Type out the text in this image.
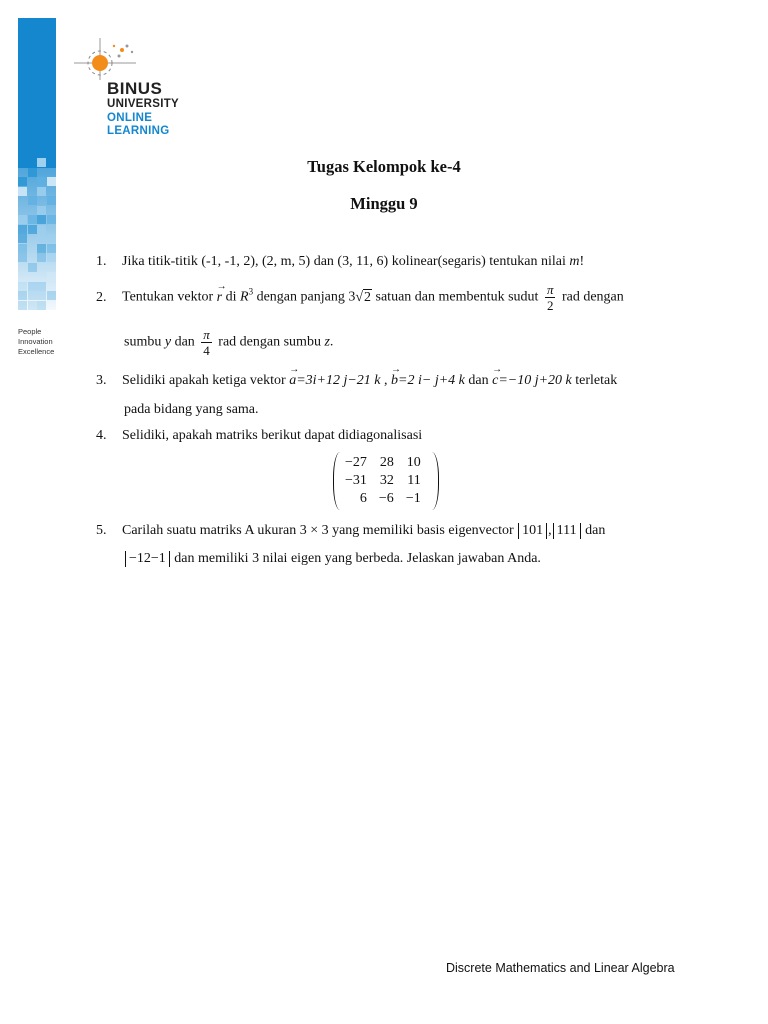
BINUS
UNIVERSITY
ONLINE
LEARNING
People
Innovation
Excellence
Tugas Kelompok ke-4
Minggu 9
1. Jika titik-titik (-1, -1, 2), (2, m, 5) dan (3, 11, 6) kolinear(segaris) tentukan nilai m!
2. Tentukan vektor r
→
di $R^3$ dengan panjang 3√2 satuan dan membentuk sudut $\frac{\pi}{2}$ rad dengan
sumbu y dan $\frac{\pi}{4}$ rad dengan sumbu z.
3. Selidiki apakah ketiga vektor a
→
=3i+12 j−21 k , b
→
=2 i− j+4 k dan c
→
=−10 j+20 k terletak
pada bidang yang sama.
4. Selidiki, apakah matriks berikut dapat didiagonalisasi
−27	28	10
−31	32	11
6	−6	−1
5. Carilah suatu matriks A ukuran 3 × 3 yang memiliki basis eigenvector 101 , 111 dan
−12−1 dan memiliki 3 nilai eigen yang berbeda. Jelaskan jawaban Anda.
Discrete Mathematics and Linear Algebra
